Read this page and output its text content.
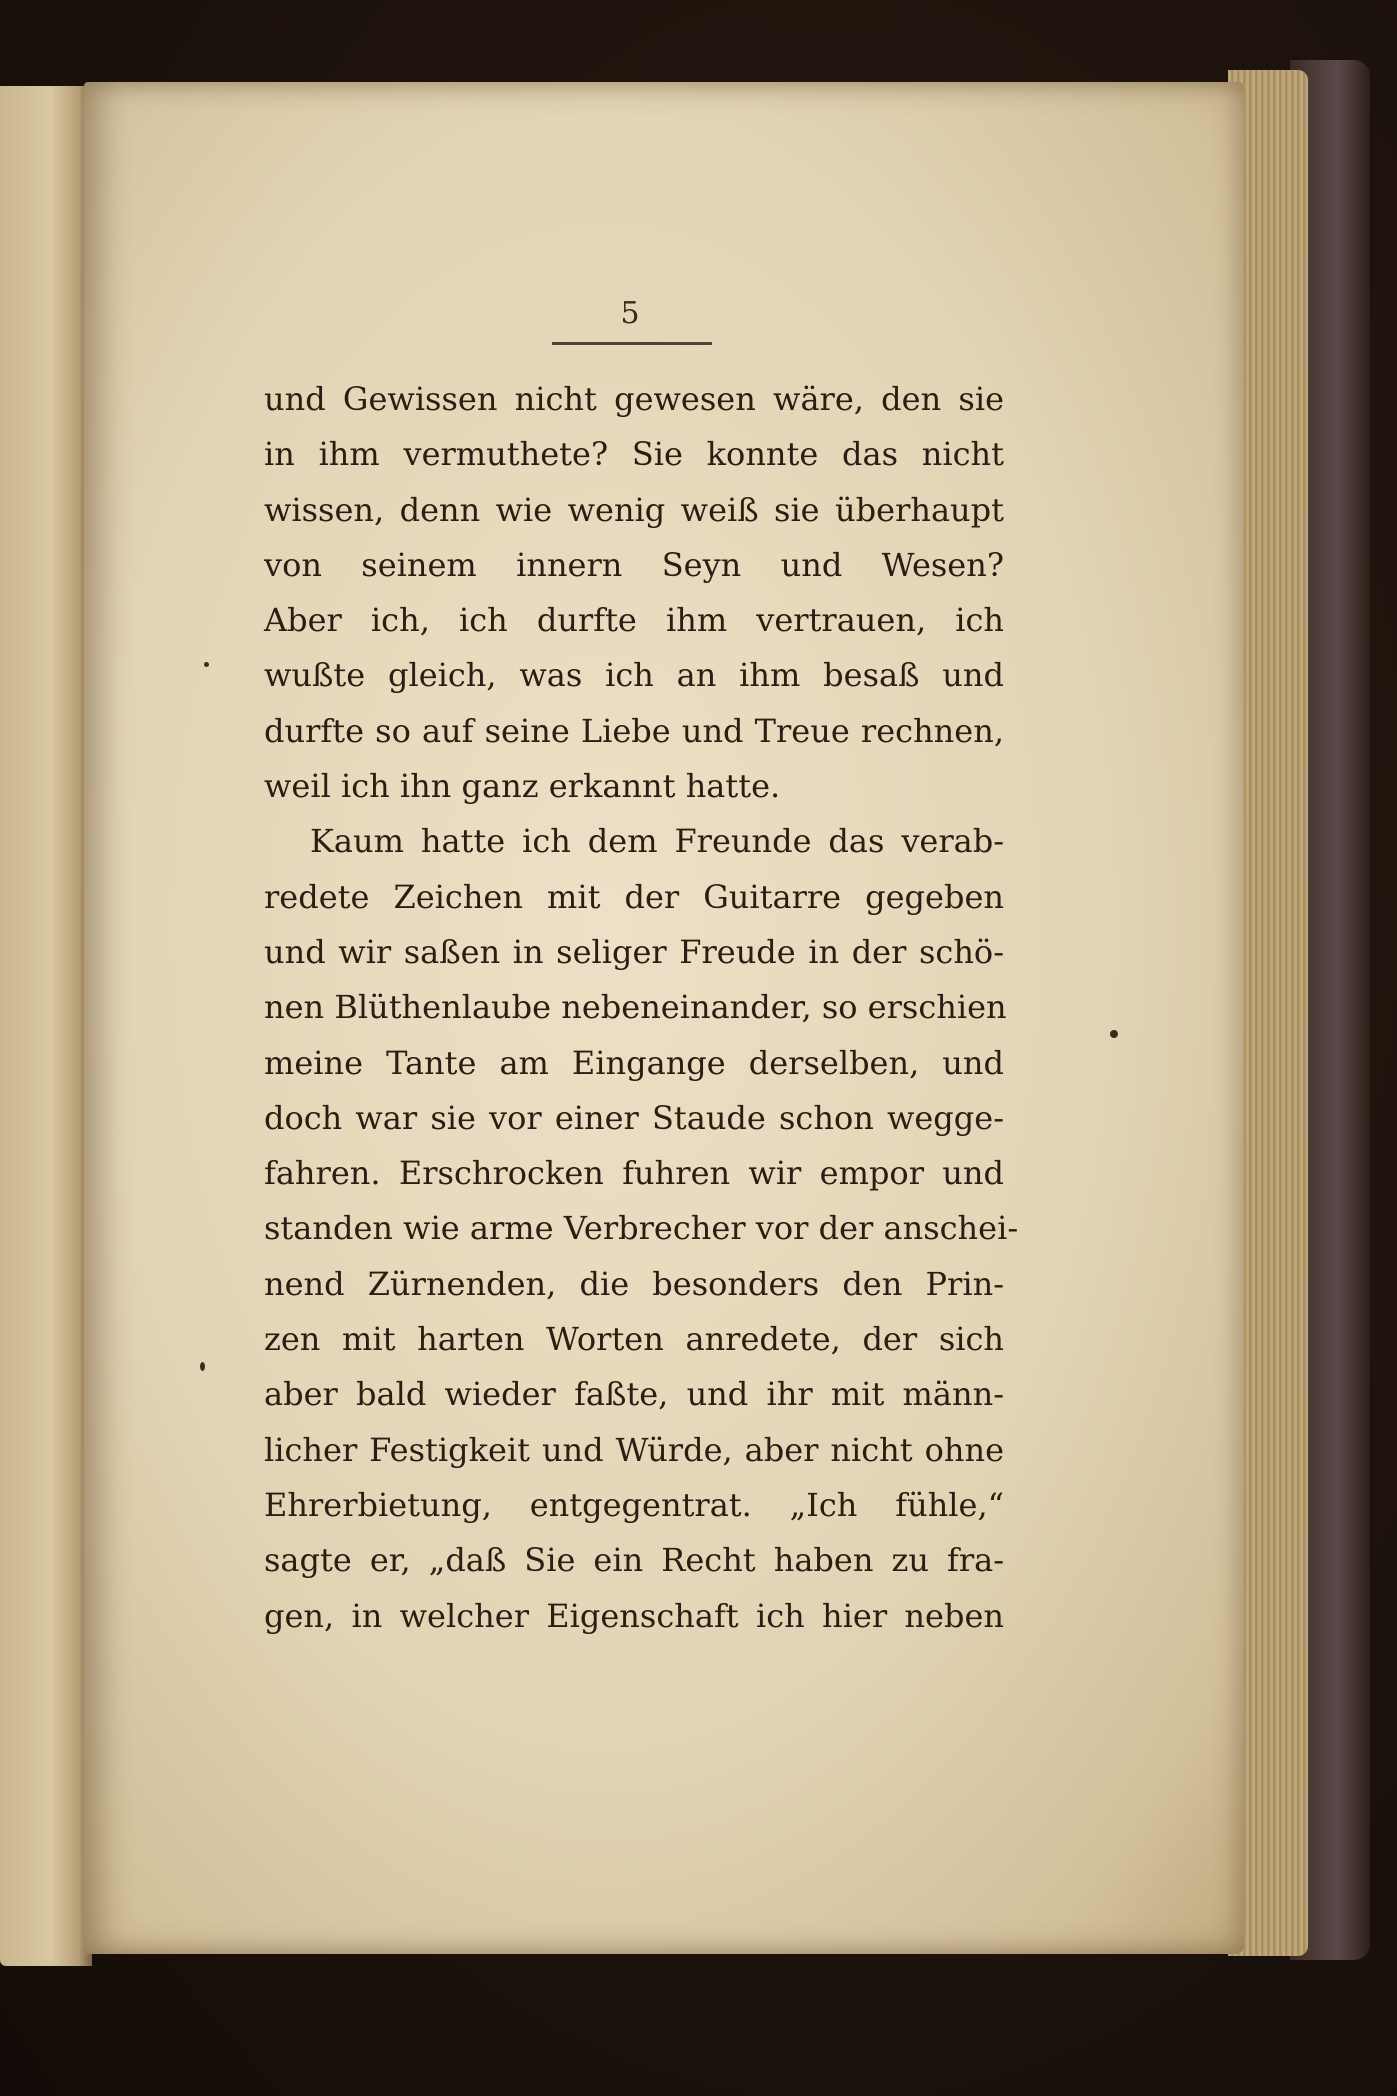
5
und Gewissen nicht gewesen wäre, den sie
in ihm vermuthete? Sie konnte das nicht
wissen, denn wie wenig weiß sie überhaupt
von seinem innern Seyn und Wesen?
Aber ich, ich durfte ihm vertrauen, ich
wußte gleich, was ich an ihm besaß und
durfte so auf seine Liebe und Treue rechnen,
weil ich ihn ganz erkannt hatte.
Kaum hatte ich dem Freunde das verab-
redete Zeichen mit der Guitarre gegeben
und wir saßen in seliger Freude in der schö-
nen Blüthenlaube nebeneinander, so erschien
meine Tante am Eingange derselben, und
doch war sie vor einer Staude schon wegge-
fahren. Erschrocken fuhren wir empor und
standen wie arme Verbrecher vor der anschei-
nend Zürnenden, die besonders den Prin-
zen mit harten Worten anredete, der sich
aber bald wieder faßte, und ihr mit männ-
licher Festigkeit und Würde, aber nicht ohne
Ehrerbietung, entgegentrat. „Ich fühle,“
sagte er, „daß Sie ein Recht haben zu fra-
gen, in welcher Eigenschaft ich hier neben
